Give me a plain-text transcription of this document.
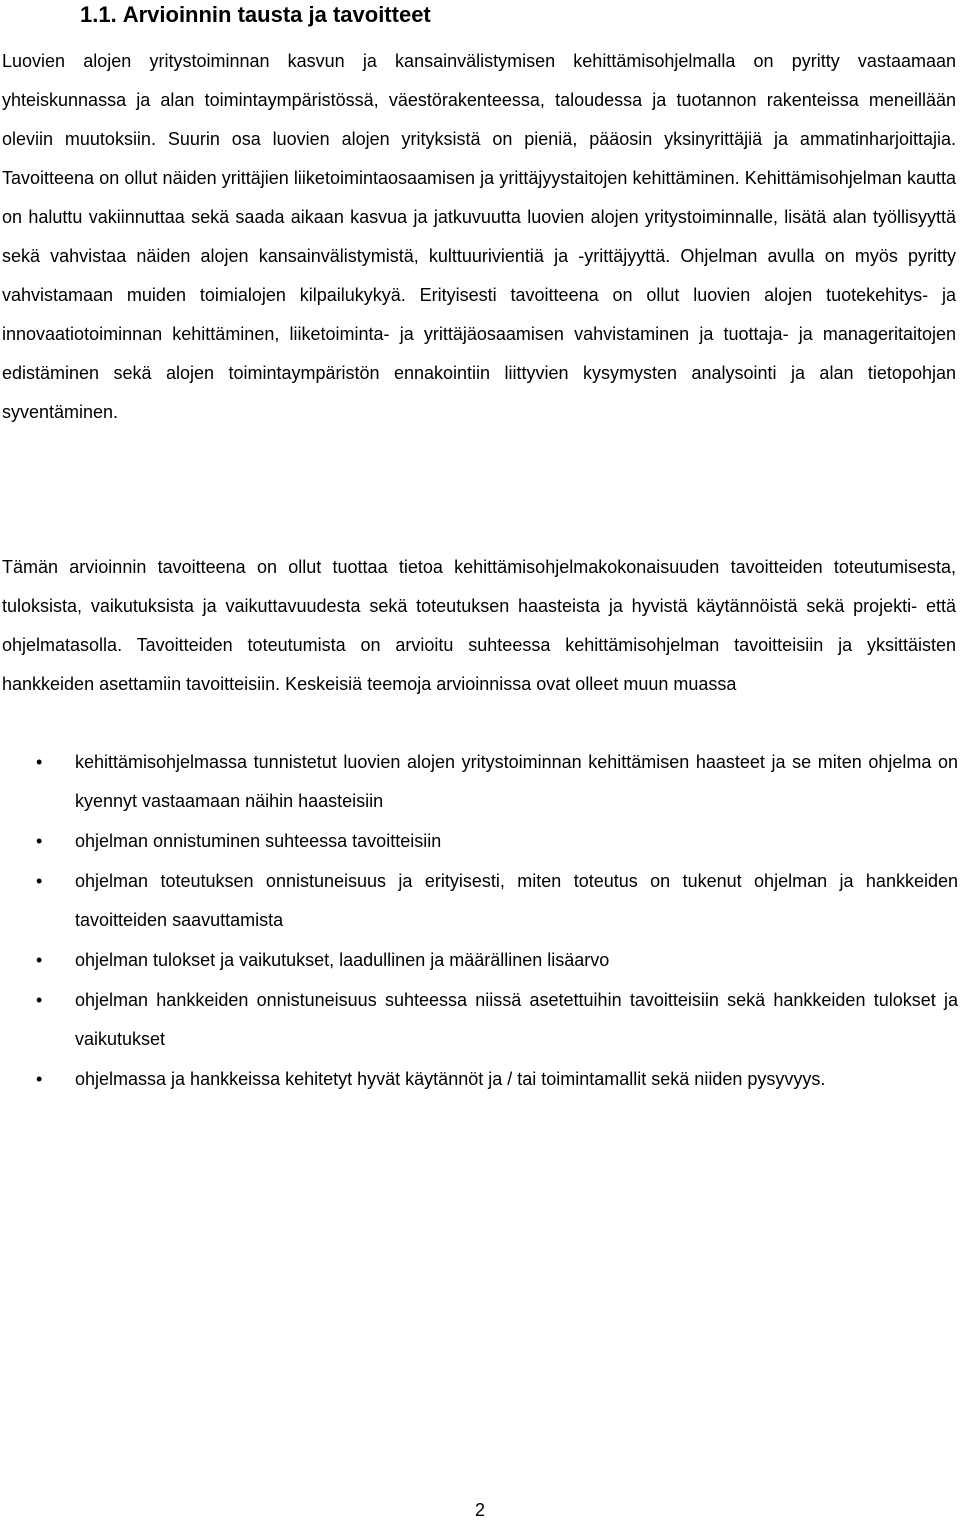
1.1. Arvioinnin tausta ja tavoitteet

Luovien alojen yritystoiminnan kasvun ja kansainvälistymisen kehittämisohjelmalla on pyritty vastaamaan yhteiskunnassa ja alan toimintaympäristössä, väestörakenteessa, taloudessa ja tuotannon rakenteissa meneillään oleviin muutoksiin. Suurin osa luovien alojen yrityksistä on pieniä, pääosin yksinyrittäjiä ja ammatinharjoittajia. Tavoitteena on ollut näiden yrittäjien liiketoimintaosaamisen ja yrittäjyystaitojen kehittäminen. Kehittämisohjelman kautta on haluttu vakiinnuttaa sekä saada aikaan kasvua ja jatkuvuutta luovien alojen yritystoiminnalle, lisätä alan työllisyyttä sekä vahvistaa näiden alojen kansainvälistymistä, kulttuurivientiä ja -yrittäjyyttä. Ohjelman avulla on myös pyritty vahvistamaan muiden toimialojen kilpailukykyä. Erityisesti tavoitteena on ollut luovien alojen tuotekehitys- ja innovaatiotoiminnan kehittäminen, liiketoiminta- ja yrittäjäosaamisen vahvistaminen ja tuottaja- ja manageritaitojen edistäminen sekä alojen toimintaympäristön ennakointiin liittyvien kysymysten analysointi ja alan tietopohjan syventäminen.

Tämän arvioinnin tavoitteena on ollut tuottaa tietoa kehittämisohjelmakokonaisuuden tavoitteiden toteutumisesta, tuloksista, vaikutuksista ja vaikuttavuudesta sekä toteutuksen haasteista ja hyvistä käytännöistä sekä projekti- että ohjelmatasolla. Tavoitteiden toteutumista on arvioitu suhteessa kehittämisohjelman tavoitteisiin ja yksittäisten hankkeiden asettamiin tavoitteisiin. Keskeisiä teemoja arvioinnissa ovat olleet muun muassa

•	kehittämisohjelmassa tunnistetut luovien alojen yritystoiminnan kehittämisen haasteet ja se miten ohjelma on kyennyt vastaamaan näihin haasteisiin
•	ohjelman onnistuminen suhteessa tavoitteisiin
•	ohjelman toteutuksen onnistuneisuus ja erityisesti, miten toteutus on tukenut ohjelman ja hankkeiden tavoitteiden saavuttamista
•	ohjelman tulokset ja vaikutukset, laadullinen ja määrällinen lisäarvo
•	ohjelman hankkeiden onnistuneisuus suhteessa niissä asetettuihin tavoitteisiin sekä hankkeiden tulokset ja vaikutukset
•	ohjelmassa ja hankkeissa kehitetyt hyvät käytännöt ja / tai toimintamallit sekä niiden pysyvyys.
2
